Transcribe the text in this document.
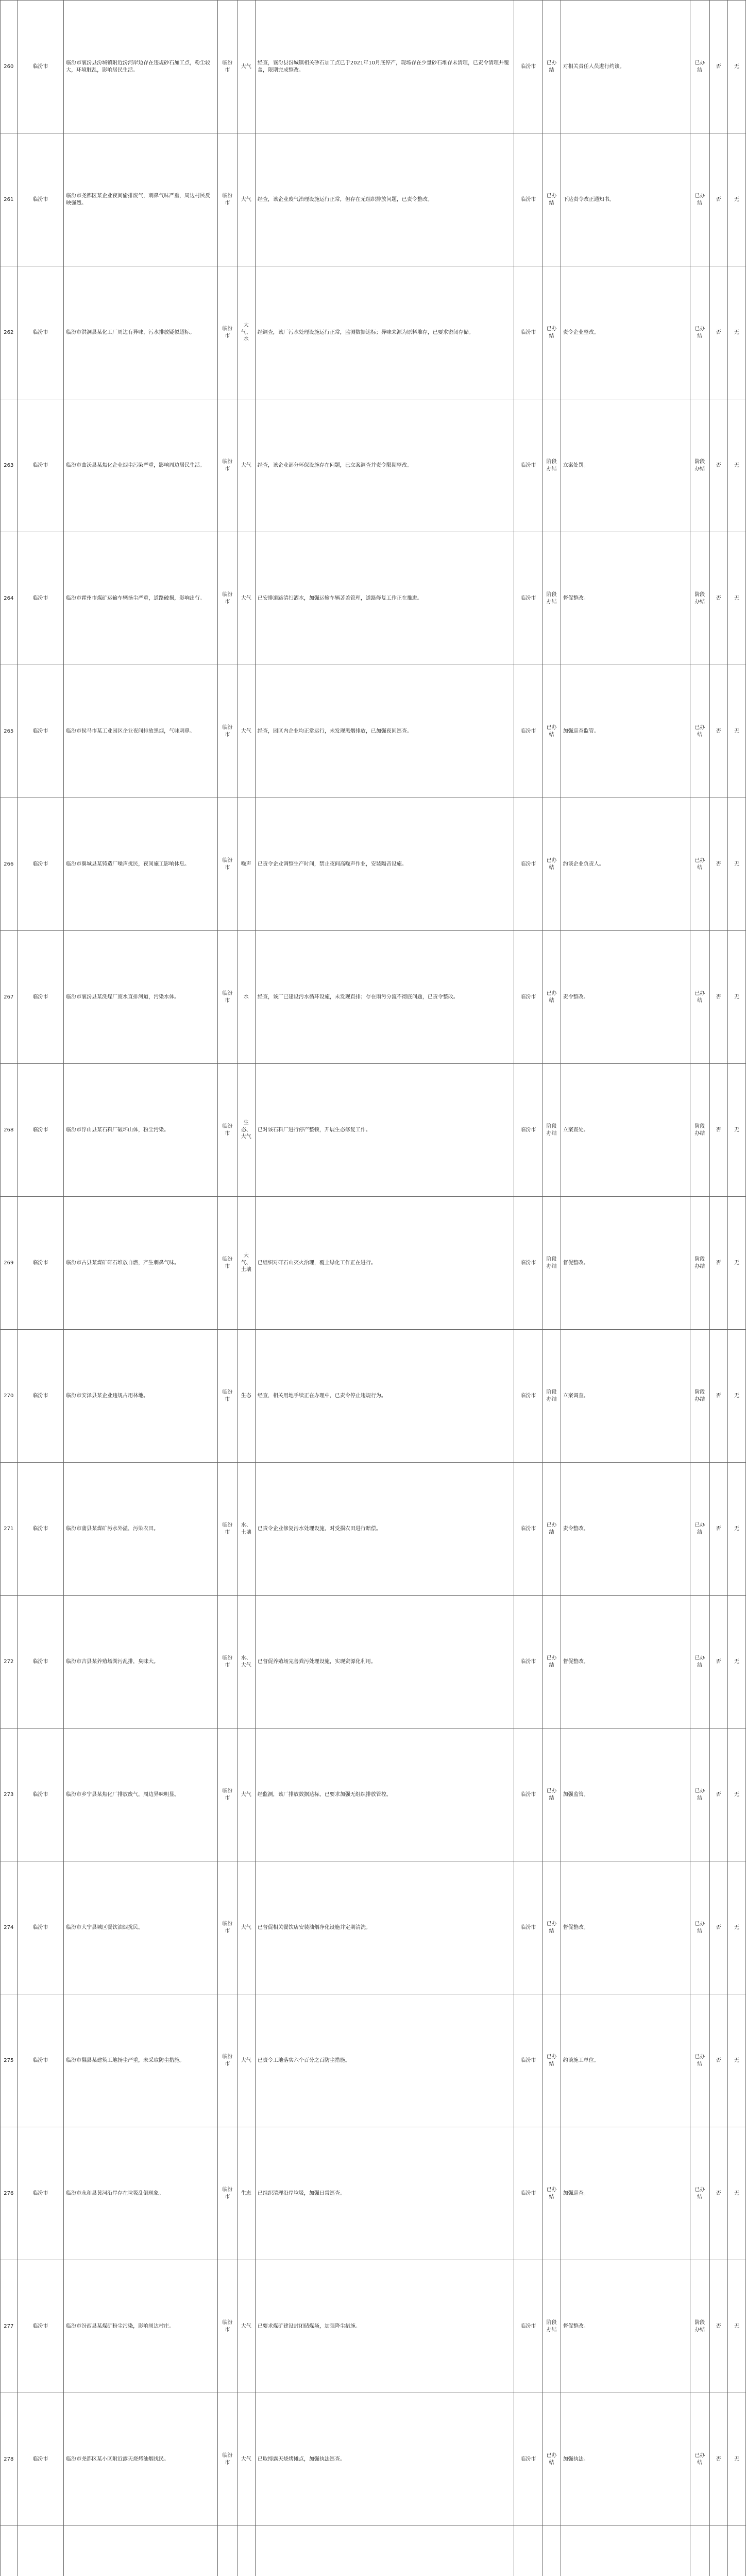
260	临汾市	临汾市襄汾县汾城镇附近汾河岸边存在违规砂石加工点，粉尘较大，环境脏乱，影响居民生活。	临汾市	大气	经查，襄汾县汾城镇相关砂石加工点已于2021年10月底停产，现场存在少量砂石堆存未清理，已责令清理并覆盖，限期完成整改。	临汾市	已办结	对相关责任人员进行约谈。	已办结	否	无
261	临汾市	临汾市尧都区某企业夜间偷排废气，刺鼻气味严重，周边村民反映强烈。	临汾市	大气	经查，该企业废气治理设施运行正常，但存在无组织排放问题，已责令整改。	临汾市	已办结	下达责令改正通知书。	已办结	否	无
262	临汾市	临汾市洪洞县某化工厂周边有异味，污水排放疑似超标。	临汾市	大气、水	经调查，该厂污水处理设施运行正常，监测数据达标；异味来源为原料堆存，已要求密闭存储。	临汾市	已办结	责令企业整改。	已办结	否	无
263	临汾市	临汾市曲沃县某焦化企业烟尘污染严重，影响周边居民生活。	临汾市	大气	经查，该企业部分环保设施存在问题，已立案调查并责令限期整改。	临汾市	阶段办结	立案处罚。	阶段办结	否	无
264	临汾市	临汾市霍州市煤矿运输车辆扬尘严重，道路破损，影响出行。	临汾市	大气	已安排道路清扫洒水，加强运输车辆苫盖管理，道路修复工作正在推进。	临汾市	阶段办结	督促整改。	阶段办结	否	无
265	临汾市	临汾市侯马市某工业园区企业夜间排放黑烟，气味刺鼻。	临汾市	大气	经查，园区内企业均正常运行，未发现黑烟排放，已加强夜间巡查。	临汾市	已办结	加强巡查监管。	已办结	否	无
266	临汾市	临汾市翼城县某铸造厂噪声扰民，夜间施工影响休息。	临汾市	噪声	已责令企业调整生产时间，禁止夜间高噪声作业，安装隔音设施。	临汾市	已办结	约谈企业负责人。	已办结	否	无
267	临汾市	临汾市襄汾县某洗煤厂废水直排河道，污染水体。	临汾市	水	经查，该厂已建设污水循环设施，未发现直排；存在雨污分流不彻底问题，已责令整改。	临汾市	已办结	责令整改。	已办结	否	无
268	临汾市	临汾市浮山县某石料厂破坏山体，粉尘污染。	临汾市	生态、大气	已对该石料厂进行停产整顿，开展生态修复工作。	临汾市	阶段办结	立案查处。	阶段办结	否	无
269	临汾市	临汾市古县某煤矿矸石堆放自燃，产生刺鼻气味。	临汾市	大气、土壤	已组织对矸石山灭火治理，覆土绿化工作正在进行。	临汾市	阶段办结	督促整改。	阶段办结	否	无
270	临汾市	临汾市安泽县某企业违规占用林地。	临汾市	生态	经查，相关用地手续正在办理中，已责令停止违规行为。	临汾市	阶段办结	立案调查。	阶段办结	否	无
271	临汾市	临汾市蒲县某煤矿污水外溢，污染农田。	临汾市	水、土壤	已责令企业修复污水处理设施，对受损农田进行赔偿。	临汾市	已办结	责令整改。	已办结	否	无
272	临汾市	临汾市吉县某养殖场粪污乱排，臭味大。	临汾市	水、大气	已督促养殖场完善粪污处理设施，实现资源化利用。	临汾市	已办结	督促整改。	已办结	否	无
273	临汾市	临汾市乡宁县某焦化厂排放废气，周边异味明显。	临汾市	大气	经监测，该厂排放数据达标，已要求加强无组织排放管控。	临汾市	已办结	加强监管。	已办结	否	无
274	临汾市	临汾市大宁县城区餐饮油烟扰民。	临汾市	大气	已督促相关餐饮店安装油烟净化设施并定期清洗。	临汾市	已办结	督促整改。	已办结	否	无
275	临汾市	临汾市隰县某建筑工地扬尘严重，未采取防尘措施。	临汾市	大气	已责令工地落实六个百分之百防尘措施。	临汾市	已办结	约谈施工单位。	已办结	否	无
276	临汾市	临汾市永和县黄河沿岸存在垃圾乱倒现象。	临汾市	生态	已组织清理沿岸垃圾，加强日常巡查。	临汾市	已办结	加强巡查。	已办结	否	无
277	临汾市	临汾市汾西县某煤矿粉尘污染，影响周边村庄。	临汾市	大气	已要求煤矿建设封闭储煤场，加强降尘措施。	临汾市	阶段办结	督促整改。	阶段办结	否	无
278	临汾市	临汾市尧都区某小区附近露天烧烤油烟扰民。	临汾市	大气	已取缔露天烧烤摊点，加强执法巡查。	临汾市	已办结	加强执法。	已办结	否	无
